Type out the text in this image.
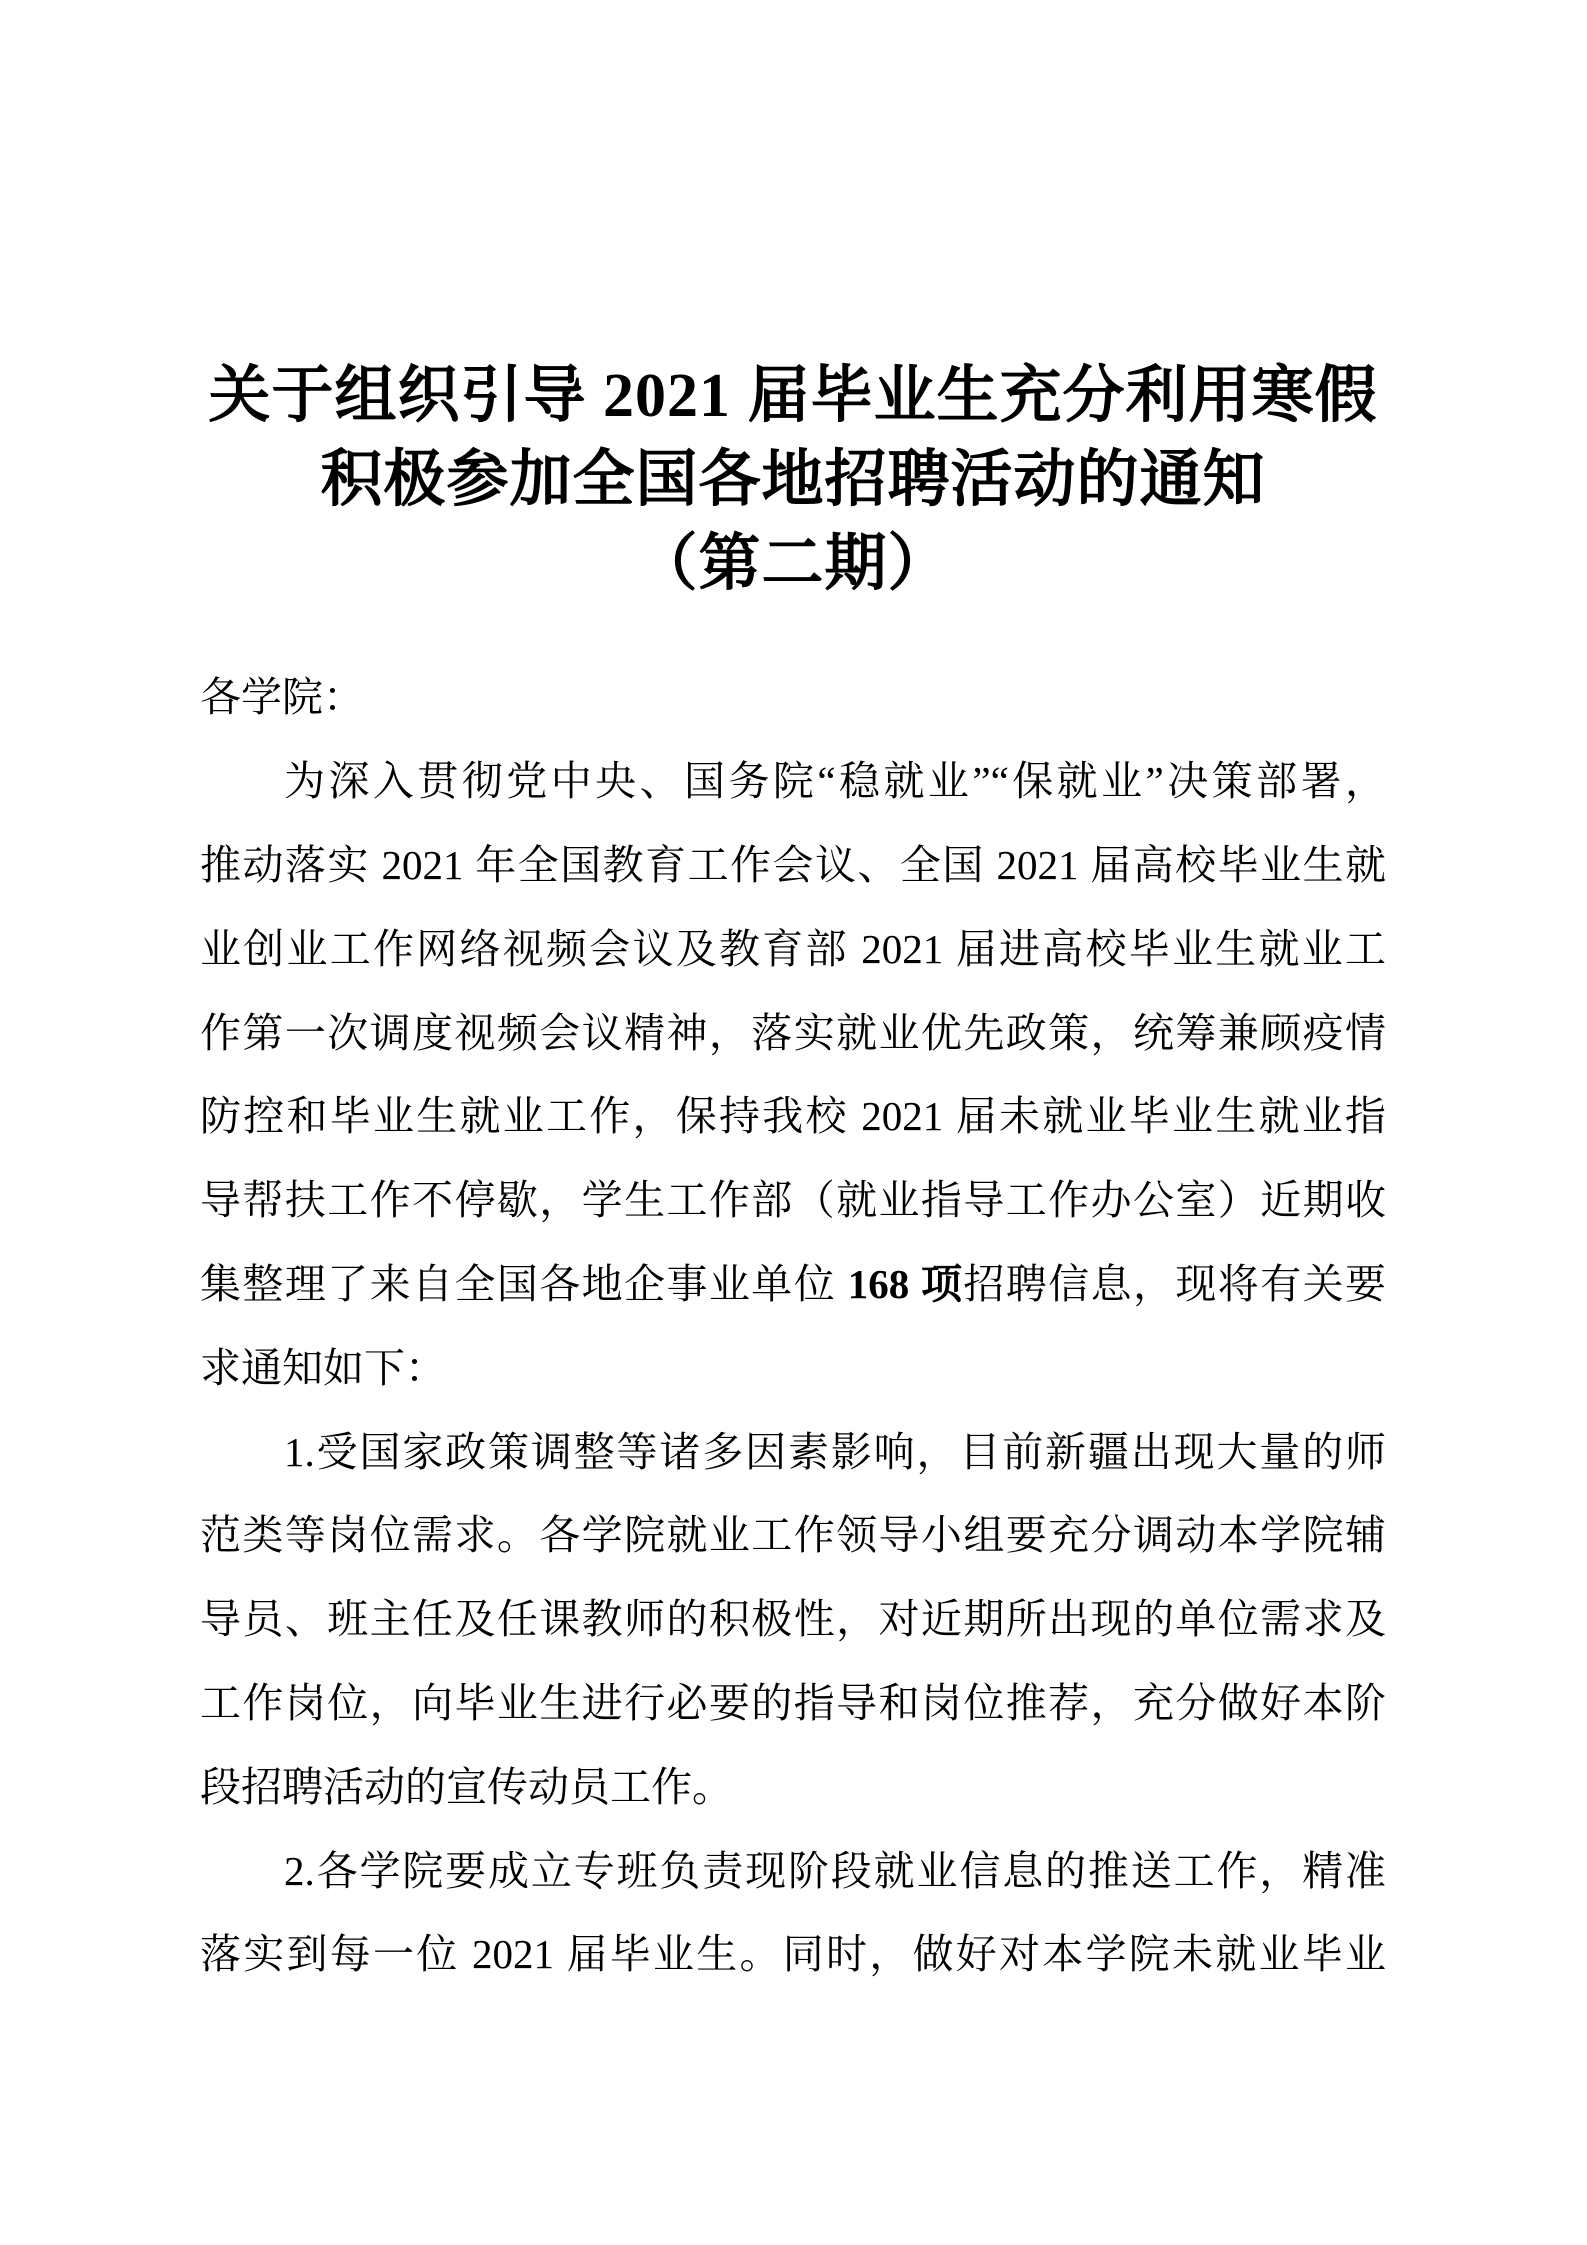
关于组织引导 2021 届毕业生充分利用寒假
积极参加全国各地招聘活动的通知
（第二期）
各学院：
为深入贯彻党中央、国务院“稳就业”“保就业”决策部署，
推动落实 2021 年全国教育工作会议、全国 2021 届高校毕业生就
业创业工作网络视频会议及教育部 2021 届进高校毕业生就业工
作第一次调度视频会议精神，落实就业优先政策，统筹兼顾疫情
防控和毕业生就业工作，保持我校 2021 届未就业毕业生就业指
导帮扶工作不停歇，学生工作部（就业指导工作办公室）近期收
集整理了来自全国各地企事业单位 168 项招聘信息，现将有关要
求通知如下：
1.受国家政策调整等诸多因素影响，目前新疆出现大量的师
范类等岗位需求。各学院就业工作领导小组要充分调动本学院辅
导员、班主任及任课教师的积极性，对近期所出现的单位需求及
工作岗位，向毕业生进行必要的指导和岗位推荐，充分做好本阶
段招聘活动的宣传动员工作。
2.各学院要成立专班负责现阶段就业信息的推送工作，精准
落实到每一位 2021 届毕业生。同时，做好对本学院未就业毕业
